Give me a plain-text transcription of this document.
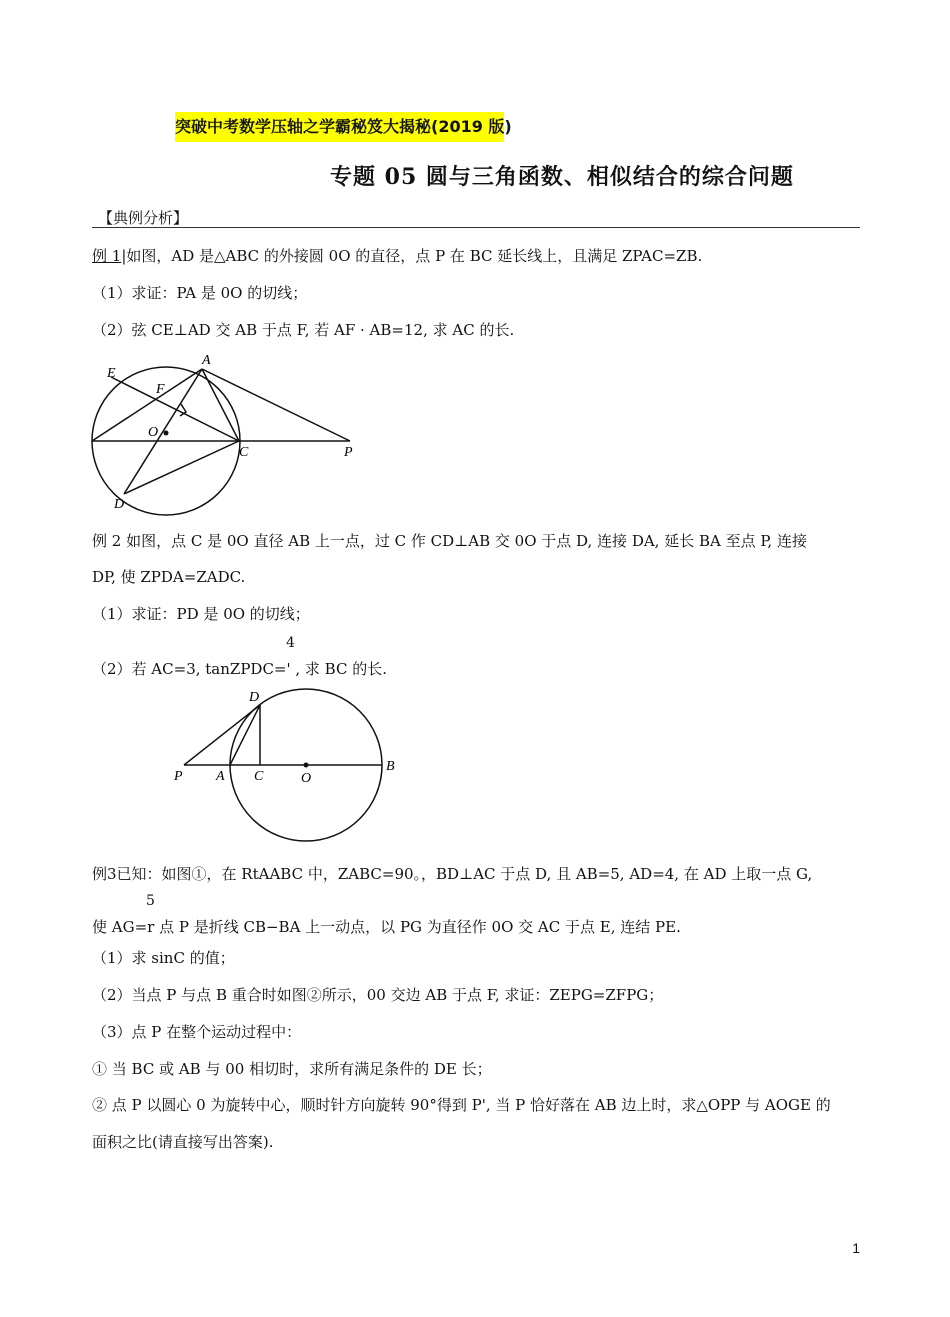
突破中考数学压轴之学霸秘笈大揭秘(2019 版)
专题 05 圆与三角函数、相似结合的综合问题
【典例分析】
例 1|如图，AD 是△ABC 的外接圆 0O 的直径，点 P 在 BC 延长线上，且满足 ZPAC=ZB.
（1）求证：PA 是 0O 的切线；
（2）弦 CE⊥AD 交 AB 于点 F, 若 AF · AB=12, 求 AC 的长.
E
A
F
O
C	P
D
例 2 如图，点 C 是 0O 直径 AB 上一点，过 C 作 CD⊥AB 交 0O 于点 D, 连接 DA, 延长 BA 至点 P, 连接
DP, 使 ZPDA=ZADC.
（1）求证：PD 是 0O 的切线；
4
（2）若 AC=3, tanZPDC=' , 求 BC 的长.
D
P A C	O
B
例3已知：如图①，在 RtAABC 中，ZABC=90。，BD⊥AC 于点 D, 且 AB=5, AD=4, 在 AD 上取一点 G,
5
使 AG=r 点 P 是折线 CB−BA 上一动点，以 PG 为直径作 0O 交 AC 于点 E, 连结 PE.
（1）求 sinC 的值；
（2）当点 P 与点 B 重合时如图②所示，00 交边 AB 于点 F, 求证：ZEPG=ZFPG；
（3）点 P 在整个运动过程中：
① 当 BC 或 AB 与 00 相切时，求所有满足条件的 DE 长；
② 点 P 以圆心 0 为旋转中心，顺时针方向旋转 90°得到 P', 当 P 恰好落在 AB 边上时，求△OPP 与 AOGE 的
面积之比(请直接写出答案).
1
